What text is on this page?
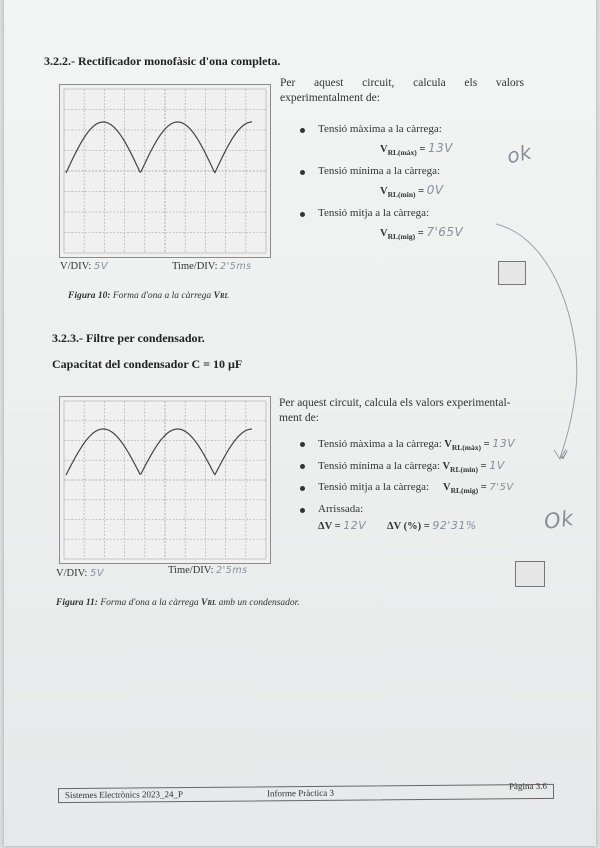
3.2.2.- Rectificador monofàsic d'ona completa.
V/DIV: 5V	Time/DIV: 2'5ms
Figura 10: Forma d'ona a la càrrega VRL
Per aquest circuit, calcula els valors experimentalment de:
Tensió màxima a la càrrega:
$V_{RL(màx)} = 13V$
Tensió mínima a la càrrega:
$V_{RL(min)} = 0V$
Tensió mitja a la càrrega:
$V_{RL(mig)} = 7'65V$
ok
3.2.3.- Filtre per condensador.
Capacitat del condensador C = 10 µF
V/DIV: 5V	Time/DIV: 2'5ms
Figura 11: Forma d'ona a la càrrega VRL amb un condensador.
Per aquest circuit, calcula els valors experimental- ment de:
Tensió màxima a la càrrega: $V_{RL(màx)} = 13V$
Tensió mínima a la càrrega: $V_{RL(min)} = 1V$
Tensió mitja a la càrrega: $V_{RL(mig)} = 7'5V$
Arrissada:
ΔV = 12V ΔV (%) = 92'31%
✓
Ok
Sistemes Electrònics 2023_24_P	Informe Pràctica 3
Pàgina 3.6
